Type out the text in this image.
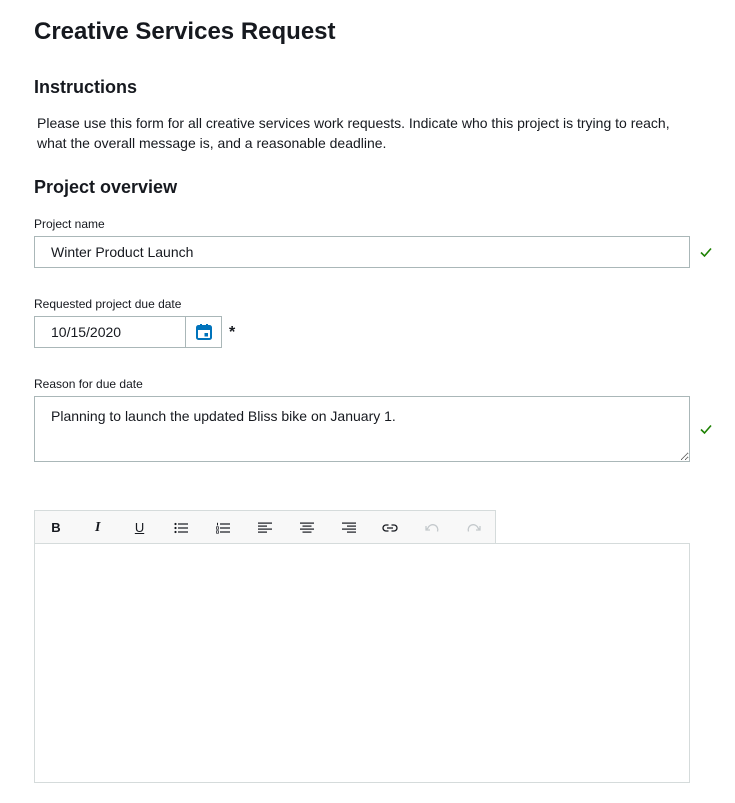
Creative Services Request
Instructions
Please use this form for all creative services work requests. Indicate who this project is trying to reach, what the overall message is, and a reasonable deadline.
Project overview
Project name
Winter Product Launch
Requested project due date
10/15/2020
*
Reason for due date
Planning to launch the updated Bliss bike on January 1.
B	I	U
